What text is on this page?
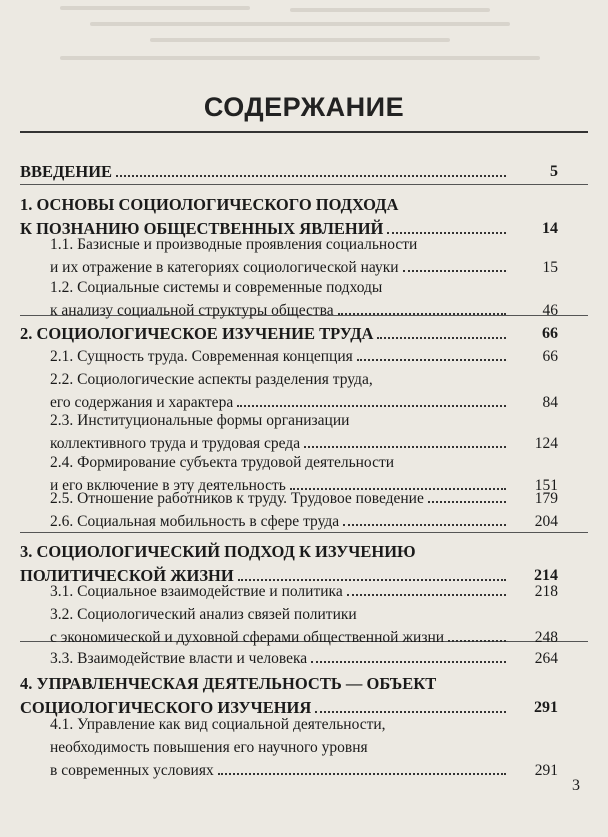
СОДЕРЖАНИЕ
ВВЕДЕНИЕ	5
1. ОСНОВЫ СОЦИОЛОГИЧЕСКОГО ПОДХОДА
К ПОЗНАНИЮ ОБЩЕСТВЕННЫХ ЯВЛЕНИЙ	14
1.1. Базисные и производные проявления социальности
и их отражение в категориях социологической науки	15
1.2. Социальные системы и современные подходы
к анализу социальной структуры общества	46
2. СОЦИОЛОГИЧЕСКОЕ ИЗУЧЕНИЕ ТРУДА	66
2.1. Сущность труда. Современная концепция	66
2.2. Социологические аспекты разделения труда,
его содержания и характера	84
2.3. Институциональные формы организации
коллективного труда и трудовая среда	124
2.4. Формирование субъекта трудовой деятельности
и его включение в эту деятельность	151
2.5. Отношение работников к труду. Трудовое поведение	179
2.6. Социальная мобильность в сфере труда	204
3. СОЦИОЛОГИЧЕСКИЙ ПОДХОД К ИЗУЧЕНИЮ
ПОЛИТИЧЕСКОЙ ЖИЗНИ	214
3.1. Социальное взаимодействие и политика	218
3.2. Социологический анализ связей политики
с экономической и духовной сферами общественной жизни	248
3.3. Взаимодействие власти и человека	264
4. УПРАВЛЕНЧЕСКАЯ ДЕЯТЕЛЬНОСТЬ — ОБЪЕКТ
СОЦИОЛОГИЧЕСКОГО ИЗУЧЕНИЯ	291
4.1. Управление как вид социальной деятельности,
необходимость повышения его научного уровня
в современных условиях	291
3
